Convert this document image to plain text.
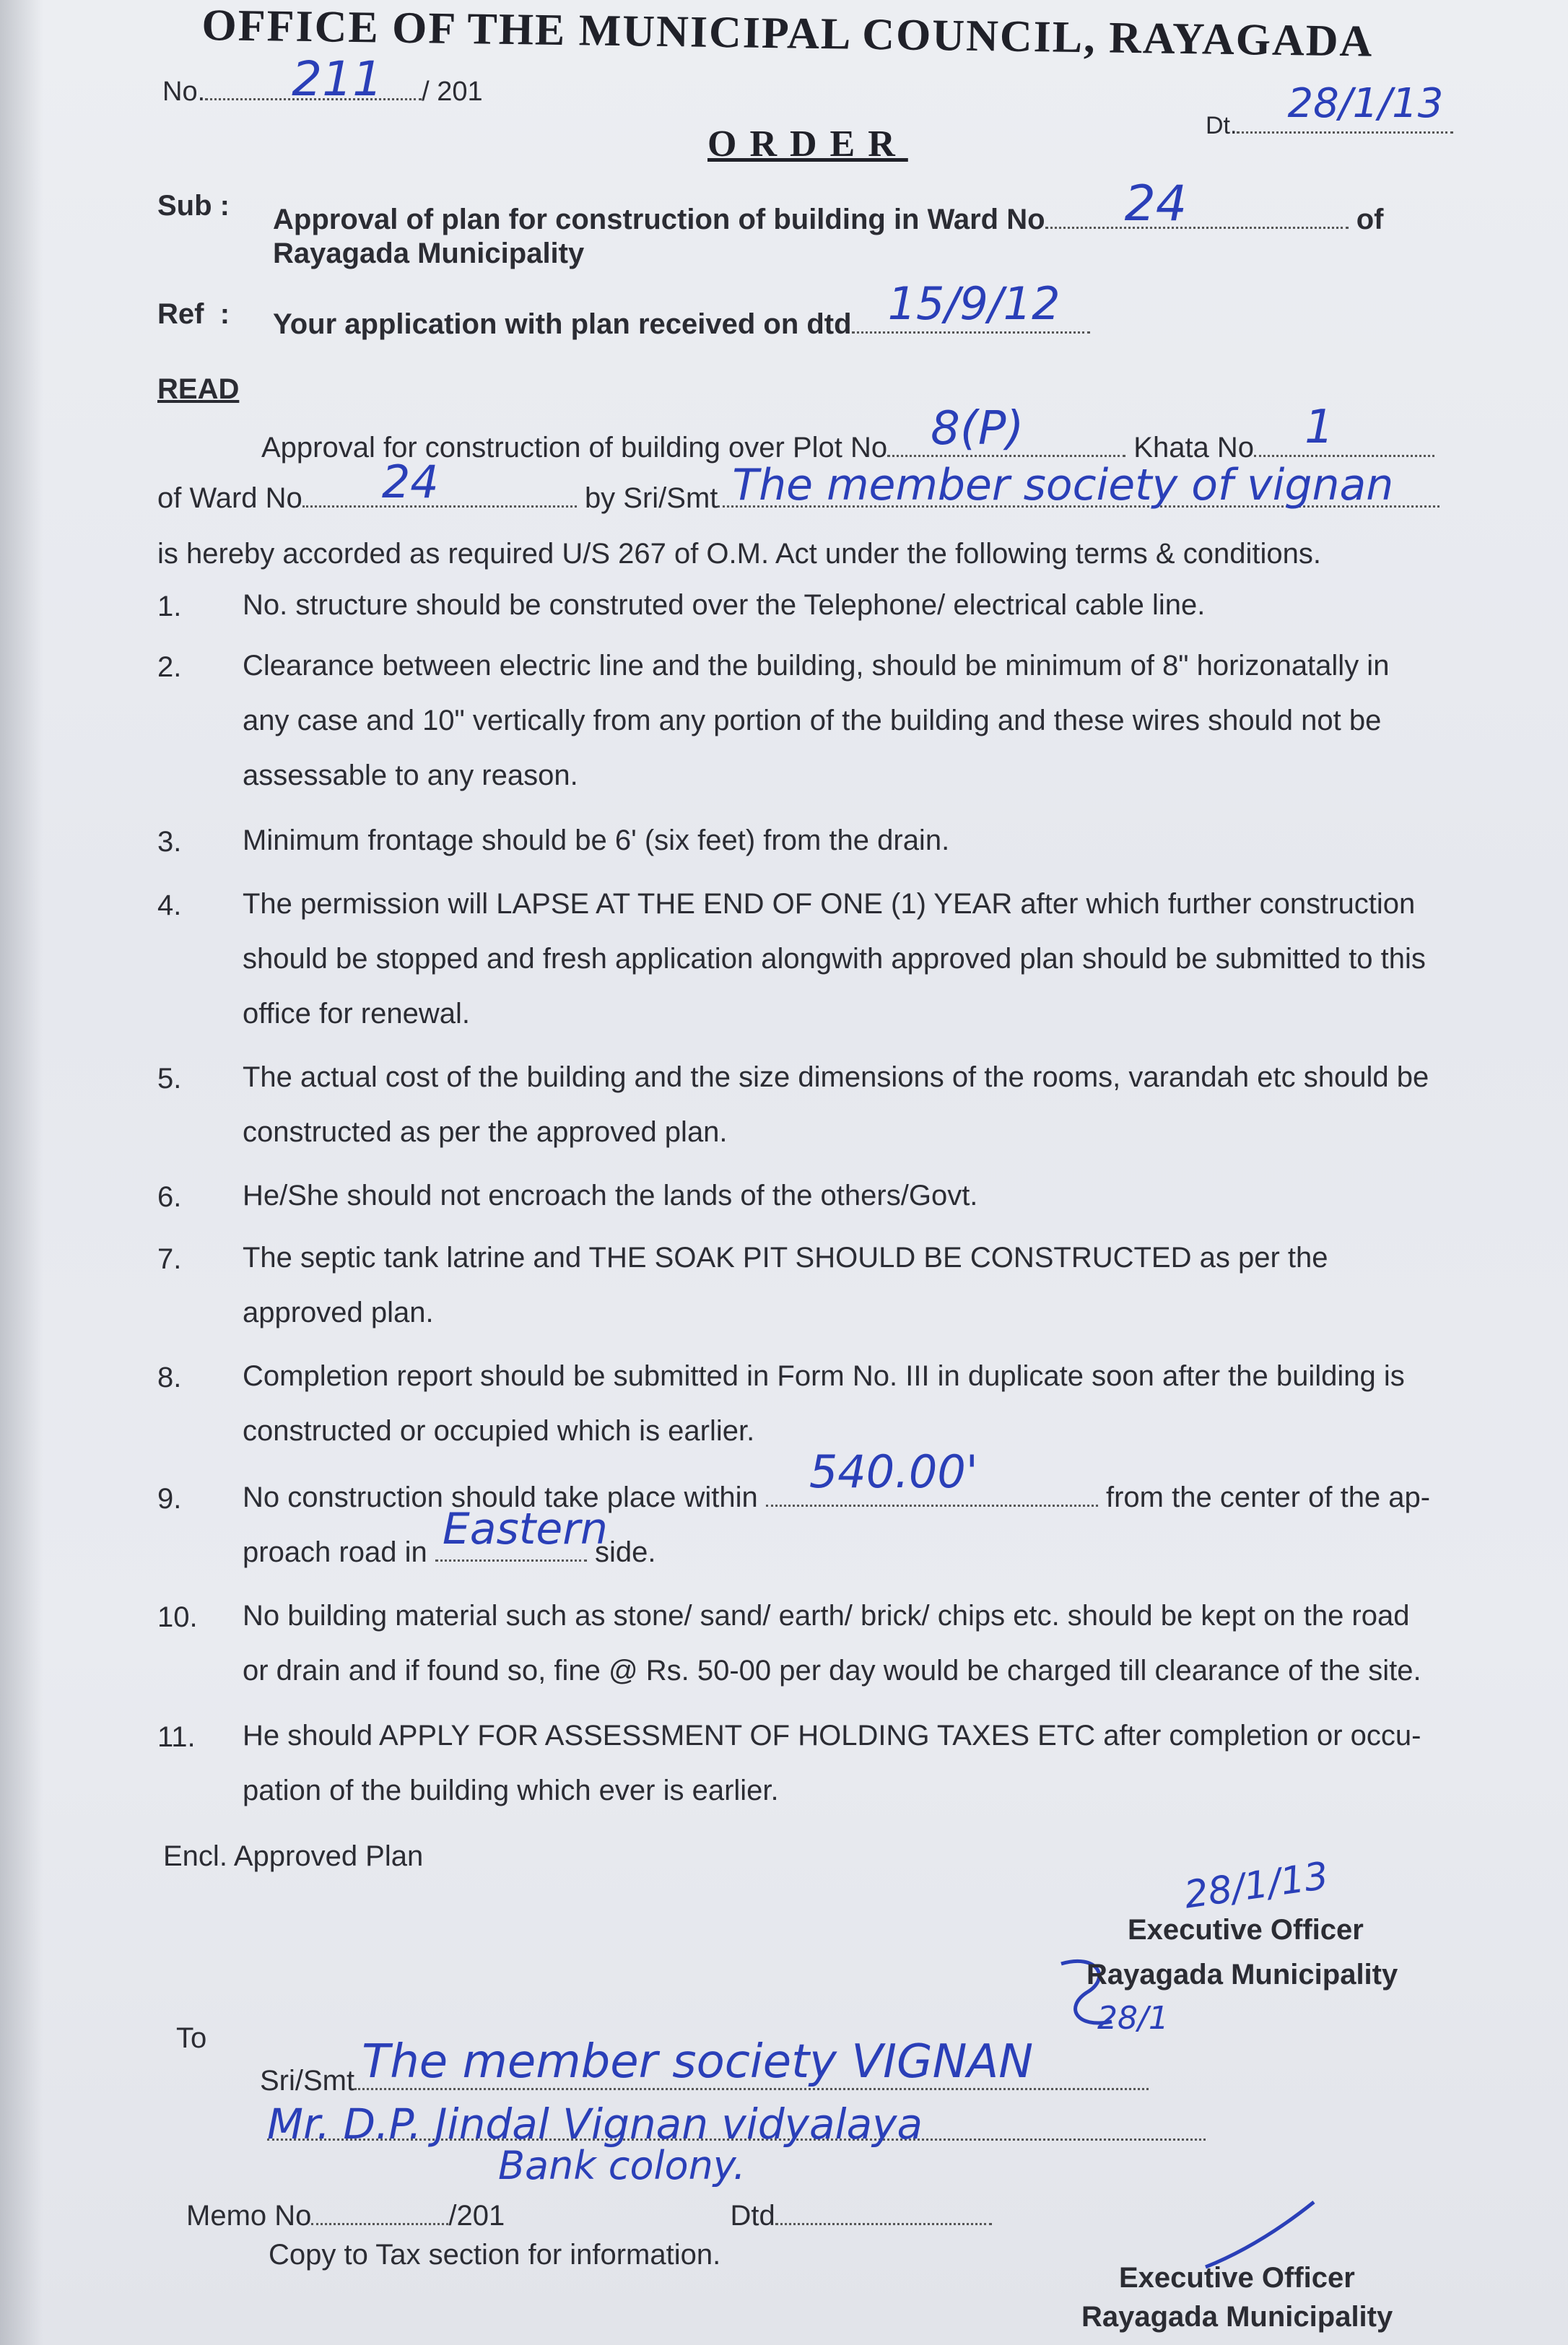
OFFICE OF THE MUNICIPAL COUNCIL, RAYAGADA
No. 211 / 201
Dt. 28/1/13
ORDER
Sub : Approval of plan for construction of building in Ward No 24	of
Rayagada Municipality
Ref : Your application with plan received on dtd 15/9/12
READ
Approval for construction of building over Plot No 8(P)	Khata No 1
of Ward No 24	by Sri/Smt The member society of vignan
is hereby accorded as required U/S 267 of O.M. Act under the following terms & conditions.
1. No. structure should be construted over the Telephone/ electrical cable line.
2. Clearance between electric line and the building, should be minimum of 8" horizonatally in
any case and 10" vertically from any portion of the building and these wires should not be
assessable to any reason.
3. Minimum frontage should be 6' (six feet) from the drain.
4. The permission will LAPSE AT THE END OF ONE (1) YEAR after which further construction
should be stopped and fresh application alongwith approved plan should be submitted to this
office for renewal.
5. The actual cost of the building and the size dimensions of the rooms, varandah etc should be
constructed as per the approved plan.
6. He/She should not encroach the lands of the others/Govt.
7. The septic tank latrine and THE SOAK PIT SHOULD BE CONSTRUCTED as per the
approved plan.
8. Completion report should be submitted in Form No. III in duplicate soon after the building is
constructed or occupied which is earlier.
9. No construction should take place within 540.00'	from the center of the ap-
proach road in Eastern
side.
10. No building material such as stone/ sand/ earth/ brick/ chips etc. should be kept on the road
or drain and if found so, fine @ Rs. 50-00 per day would be charged till clearance of the site.
11. He should APPLY FOR ASSESSMENT OF HOLDING TAXES ETC after completion or occu-
pation of the building which ever is earlier.
Encl. Approved Plan	28/1/13
28/1
Executive Officer
Rayagada Municipality
To
Sri/Smt The member society VIGNAN
Mr. D.P. Jindal Vignan vidyalaya
Bank colony.
Memo No	/201	Dtd
Copy to Tax section for information.
Executive Officer
Rayagada Municipality
